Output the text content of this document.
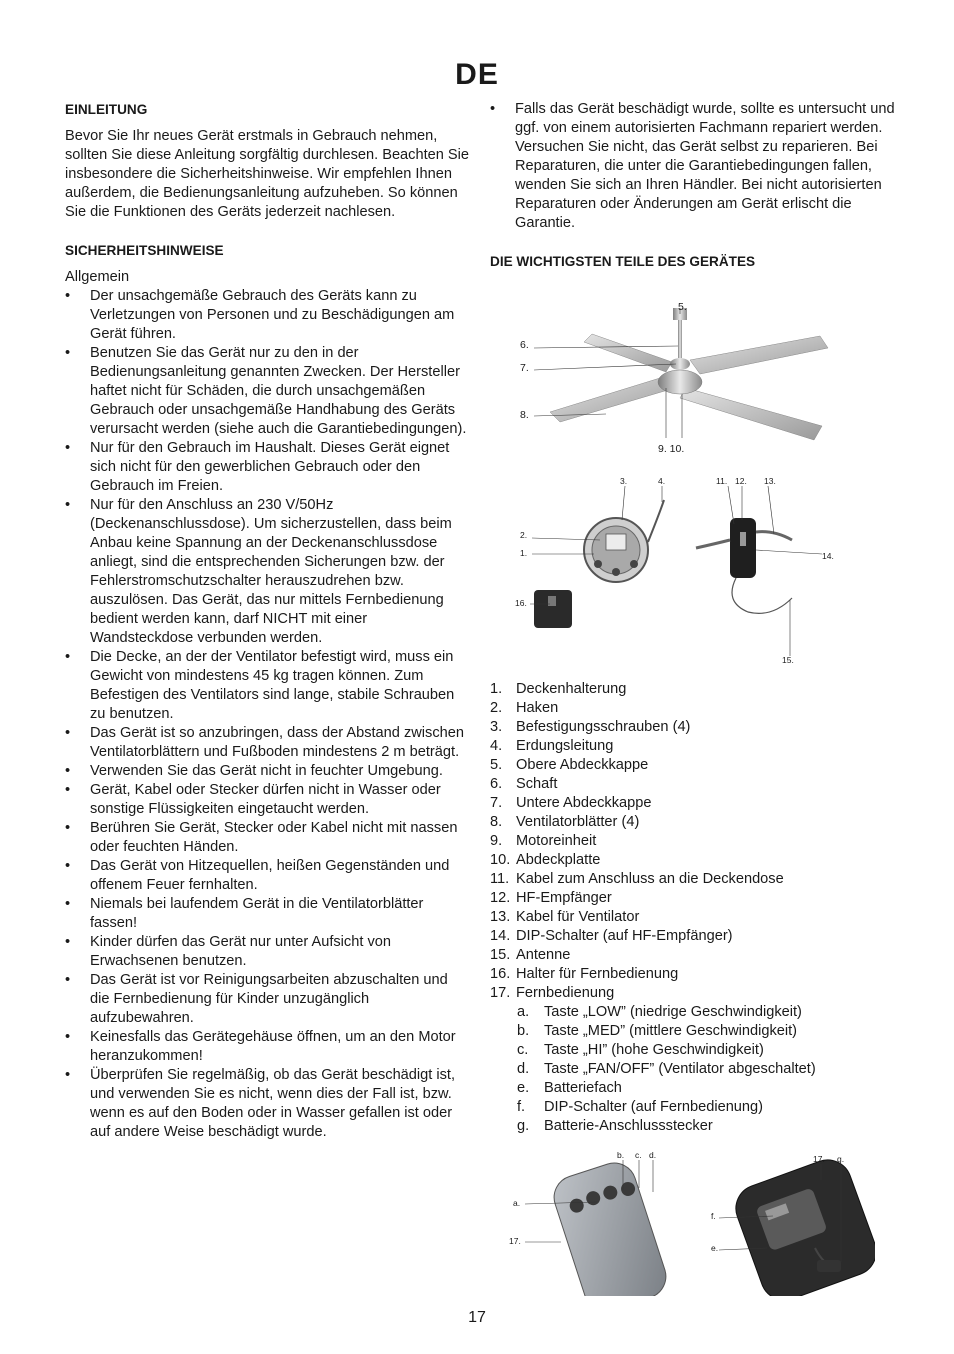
DE
EINLEITUNG
Bevor Sie Ihr neues Gerät erstmals in Gebrauch nehmen, sollten Sie diese Anleitung sorgfältig durchlesen. Beachten Sie insbesondere die Sicherheitshinweise. Wir empfehlen Ihnen außerdem, die Bedienungsanleitung aufzuheben. So können Sie die Funktionen des Geräts jederzeit nachlesen.
SICHERHEITSHINWEISE
Allgemein
• Der unsachgemäße Gebrauch des Geräts kann zu Verletzungen von Personen und zu Beschädigungen am Gerät führen.
• Benutzen Sie das Gerät nur zu den in der Bedienungsanleitung genannten Zwecken. Der Hersteller haftet nicht für Schäden, die durch unsachgemäßen Gebrauch oder unsachgemäße Handhabung des Geräts verursacht werden (siehe auch die Garantiebedingungen).
• Nur für den Gebrauch im Haushalt. Dieses Gerät eignet sich nicht für den gewerblichen Gebrauch oder den Gebrauch im Freien.
• Nur für den Anschluss an 230 V/50Hz (Deckenanschlussdose). Um sicherzustellen, dass beim Anbau keine Spannung an der Deckenanschlussdose anliegt, sind die entsprechenden Sicherungen bzw. der Fehlerstromschutzschalter herauszudrehen bzw. auszulösen. Das Gerät, das nur mittels Fernbedienung bedient werden kann, darf NICHT mit einer Wandsteckdose verbunden werden.
• Die Decke, an der der Ventilator befestigt wird, muss ein Gewicht von mindestens 45 kg tragen können. Zum Befestigen des Ventilators sind lange, stabile Schrauben zu benutzen.
• Das Gerät ist so anzubringen, dass der Abstand zwischen Ventilatorblättern und Fußboden mindestens 2 m beträgt.
• Verwenden Sie das Gerät nicht in feuchter Umgebung.
• Gerät, Kabel oder Stecker dürfen nicht in Wasser oder sonstige Flüssigkeiten eingetaucht werden.
• Berühren Sie Gerät, Stecker oder Kabel nicht mit nassen oder feuchten Händen.
• Das Gerät von Hitzequellen, heißen Gegenständen und offenem Feuer fernhalten.
• Niemals bei laufendem Gerät in die Ventilatorblätter fassen!
• Kinder dürfen das Gerät nur unter Aufsicht von Erwachsenen benutzen.
• Das Gerät ist vor Reinigungsarbeiten abzuschalten und die Fernbedienung für Kinder unzugänglich aufzubewahren.
• Keinesfalls das Gerätegehäuse öffnen, um an den Motor heranzukommen!
• Überprüfen Sie regelmäßig, ob das Gerät beschädigt ist, und verwenden Sie es nicht, wenn dies der Fall ist, bzw. wenn es auf den Boden oder in Wasser gefallen ist oder auf andere Weise beschädigt wurde.
• Falls das Gerät beschädigt wurde, sollte es untersucht und ggf. von einem autorisierten Fachmann repariert werden. Versuchen Sie nicht, das Gerät selbst zu reparieren. Bei Reparaturen, die unter die Garantiebedingungen fallen, wenden Sie sich an Ihren Händler. Bei nicht autorisierten Reparaturen oder Änderungen am Gerät erlischt die Garantie.
DIE WICHTIGSTEN TEILE DES GERÄTES
5.
6.
7.
8.
9. 10.
3.	4.
2.
1.
16.
11. 12. 13.
14.
15.
1. Deckenhalterung
2. Haken
3. Befestigungsschrauben (4)
4. Erdungsleitung
5. Obere Abdeckkappe
6. Schaft
7. Untere Abdeckkappe
8. Ventilatorblätter (4)
9. Motoreinheit
10. Abdeckplatte
11. Kabel zum Anschluss an die Deckendose
12. HF-Empfänger
13. Kabel für Ventilator
14. DIP-Schalter (auf HF-Empfänger)
15. Antenne
16. Halter für Fernbedienung
17. Fernbedienung
a.	Taste „LOW” (niedrige Geschwindigkeit)
b.	Taste „MED” (mittlere Geschwindigkeit)
c.	Taste „HI” (hohe Geschwindigkeit)
d.	Taste „FAN/OFF” (Ventilator abgeschaltet)
e.	Batteriefach
f.	DIP-Schalter (auf Fernbedienung)
g.	Batterie-Anschlussstecker
b. c. d.
a.
17.
17. g.
f.
e.
17
